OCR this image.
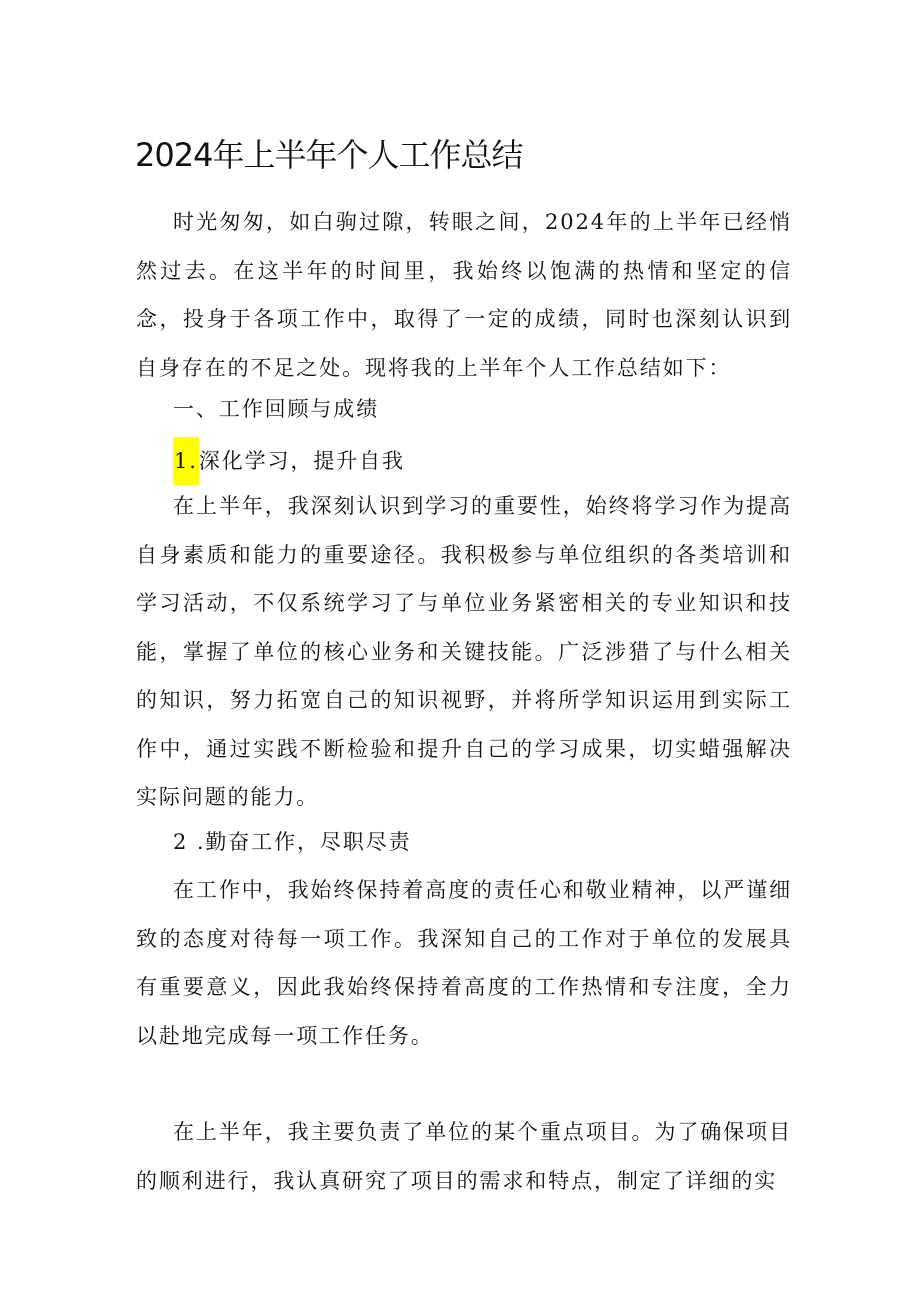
2024年上半年个人工作总结

时光匆匆，如白驹过隙，转眼之间，2024年的上半年已经悄然过去。在这半年的时间里，我始终以饱满的热情和坚定的信念，投身于各项工作中，取得了一定的成绩，同时也深刻认识到自身存在的不足之处。现将我的上半年个人工作总结如下：

一、工作回顾与成绩
1.深化学习，提升自我

在上半年，我深刻认识到学习的重要性，始终将学习作为提高自身素质和能力的重要途径。我积极参与单位组织的各类培训和学习活动，不仅系统学习了与单位业务紧密相关的专业知识和技能，掌握了单位的核心业务和关键技能。广泛涉猎了与什么相关的知识，努力拓宽自己的知识视野，并将所学知识运用到实际工作中，通过实践不断检验和提升自己的学习成果，切实蜡强解决实际问题的能力。

2 .勤奋工作，尽职尽责

在工作中，我始终保持着高度的责任心和敬业精神，以严谨细致的态度对待每一项工作。我深知自己的工作对于单位的发展具有重要意义，因此我始终保持着高度的工作热情和专注度，全力以赴地完成每一项工作任务。

在上半年，我主要负责了单位的某个重点项目。为了确保项目的顺利进行，我认真研究了项目的需求和特点，制定了详细的实
